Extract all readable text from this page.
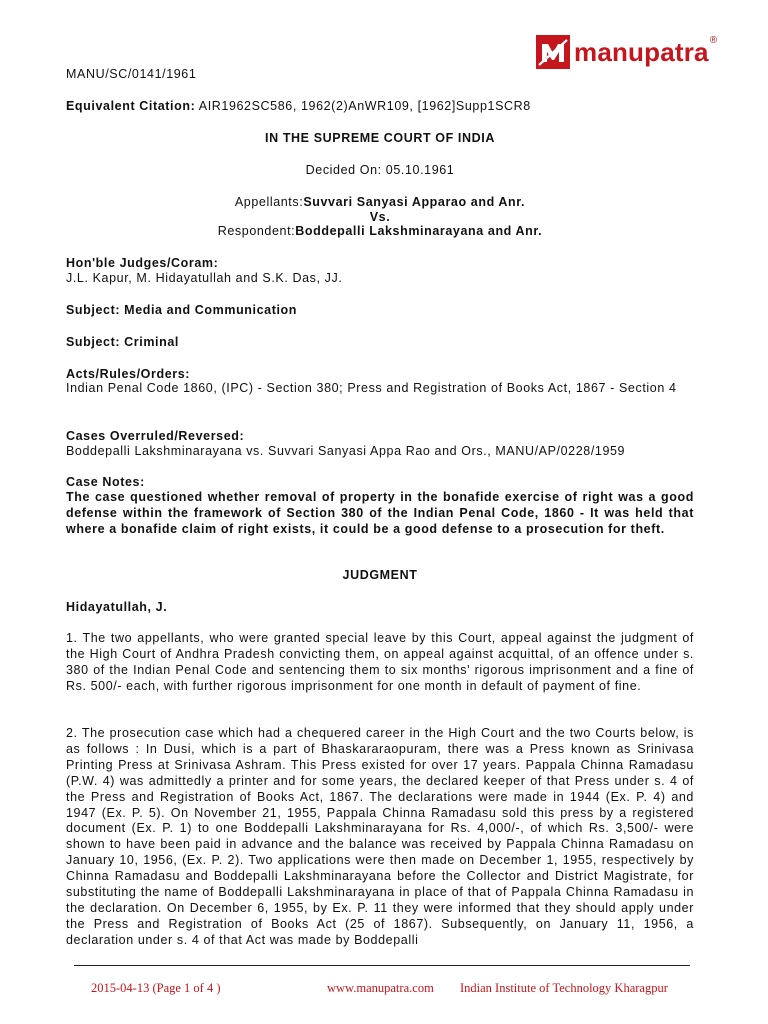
manupatra ®
MANU/SC/0141/1961
Equivalent Citation: AIR1962SC586, 1962(2)AnWR109, [1962]Supp1SCR8
IN THE SUPREME COURT OF INDIA
Decided On: 05.10.1961
Appellants:Suvvari Sanyasi Apparao and Anr.
Vs.
Respondent:Boddepalli Lakshminarayana and Anr.
Hon'ble Judges/Coram:
J.L. Kapur, M. Hidayatullah and S.K. Das, JJ.
Subject: Media and Communication
Subject: Criminal
Acts/Rules/Orders:
Indian Penal Code 1860, (IPC) - Section 380; Press and Registration of Books Act, 1867 - Section 4
Cases Overruled/Reversed:
Boddepalli Lakshminarayana vs. Suvvari Sanyasi Appa Rao and Ors., MANU/AP/0228/1959
Case Notes:
The case questioned whether removal of property in the bonafide exercise of right was a good defense within the framework of Section 380 of the Indian Penal Code, 1860 - It was held that where a bonafide claim of right exists, it could be a good defense to a prosecution for theft.
JUDGMENT
Hidayatullah, J.
1. The two appellants, who were granted special leave by this Court, appeal against the judgment of the High Court of Andhra Pradesh convicting them, on appeal against acquittal, of an offence under s. 380 of the Indian Penal Code and sentencing them to six months' rigorous imprisonment and a fine of Rs. 500/- each, with further rigorous imprisonment for one month in default of payment of fine.
2. The prosecution case which had a chequered career in the High Court and the two Courts below, is as follows : In Dusi, which is a part of Bhaskararaopuram, there was a Press known as Srinivasa Printing Press at Srinivasa Ashram. This Press existed for over 17 years. Pappala Chinna Ramadasu (P.W. 4) was admittedly a printer and for some years, the declared keeper of that Press under s. 4 of the Press and Registration of Books Act, 1867. The declarations were made in 1944 (Ex. P. 4) and 1947 (Ex. P. 5). On November 21, 1955, Pappala Chinna Ramadasu sold this press by a registered document (Ex. P. 1) to one Boddepalli Lakshminarayana for Rs. 4,000/-, of which Rs. 3,500/- were shown to have been paid in advance and the balance was received by Pappala Chinna Ramadasu on January 10, 1956, (Ex. P. 2). Two applications were then made on December 1, 1955, respectively by Chinna Ramadasu and Boddepalli Lakshminarayana before the Collector and District Magistrate, for substituting the name of Boddepalli Lakshminarayana in place of that of Pappala Chinna Ramadasu in the declaration. On December 6, 1955, by Ex. P. 11 they were informed that they should apply under the Press and Registration of Books Act (25 of 1867). Subsequently, on January 11, 1956, a declaration under s. 4 of that Act was made by Boddepalli
2015-04-13 (Page 1 of 4 )	www.manupatra.com Indian Institute of Technology Kharagpur
